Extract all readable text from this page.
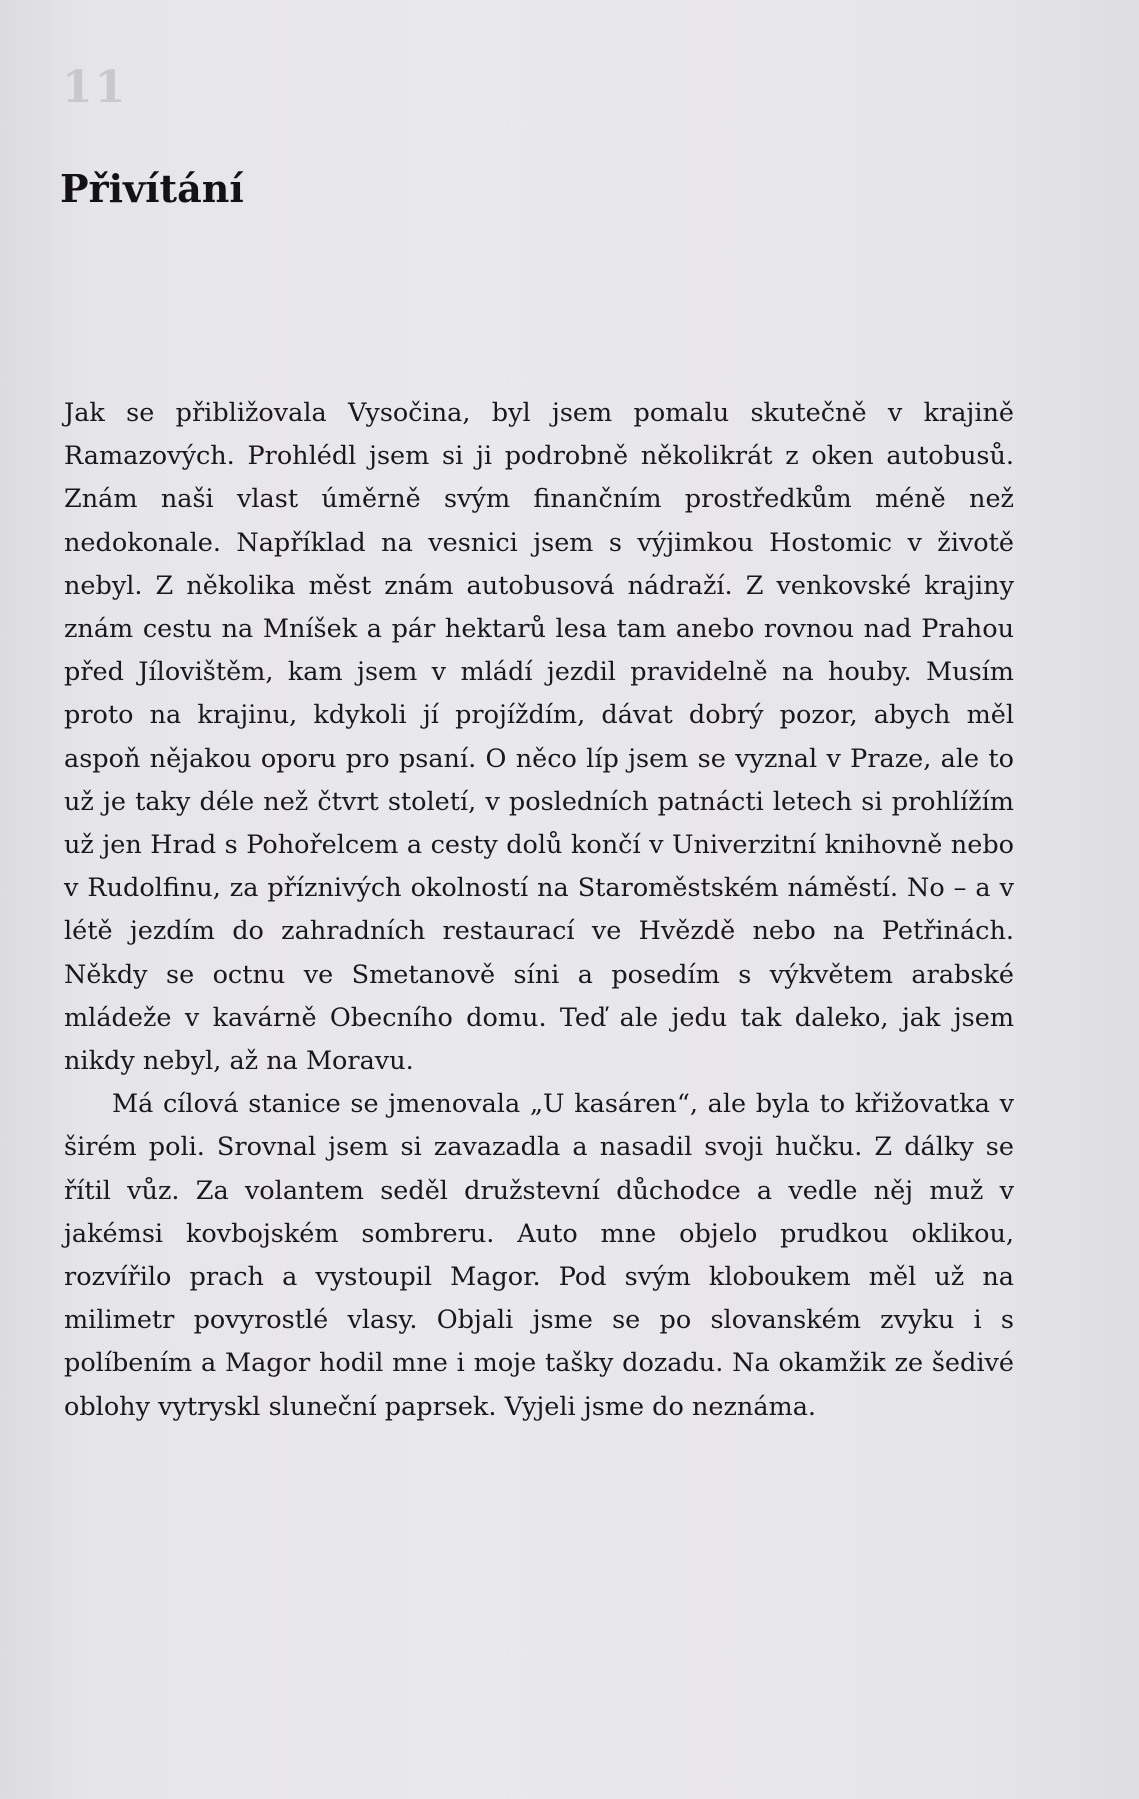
11
Přivítání

Jak se přibližovala Vysočina, byl jsem pomalu skutečně v krajině Ramazových. Prohlédl jsem si ji podrobně několikrát z oken autobusů. Znám naši vlast úměrně svým finančním prostředkům méně než nedokonale. Například na vesnici jsem s výjimkou Hostomic v životě nebyl. Z několika měst znám autobusová nádraží. Z venkovské krajiny znám cestu na Mníšek a pár hektarů lesa tam anebo rovnou nad Prahou před Jílovištěm, kam jsem v mládí jezdil pravidelně na houby. Musím proto na krajinu, kdykoli jí projíždím, dávat dobrý pozor, abych měl aspoň nějakou oporu pro psaní. O něco líp jsem se vyznal v Praze, ale to už je taky déle než čtvrt století, v posledních patnácti letech si prohlížím už jen Hrad s Pohořelcem a cesty dolů končí v Univerzitní knihovně nebo v Rudolfinu, za příznivých okolností na Staroměstském náměstí. No – a v létě jezdím do zahradních restaurací ve Hvězdě nebo na Petřinách. Někdy se octnu ve Smetanově síni a posedím s výkvětem arabské mládeže v kavárně Obecního domu. Teď ale jedu tak daleko, jak jsem nikdy nebyl, až na Moravu.

Má cílová stanice se jmenovala „U kasáren“, ale byla to křižovatka v širém poli. Srovnal jsem si zavazadla a nasadil svoji hučku. Z dálky se řítil vůz. Za volantem seděl družstevní důchodce a vedle něj muž v jakémsi kovbojském sombreru. Auto mne objelo prudkou oklikou, rozvířilo prach a vystoupil Magor. Pod svým kloboukem měl už na milimetr povyrostlé vlasy. Objali jsme se po slovanském zvyku i s políbením a Magor hodil mne i moje tašky dozadu. Na okamžik ze šedivé oblohy vytryskl sluneční paprsek. Vyjeli jsme do neznáma.
